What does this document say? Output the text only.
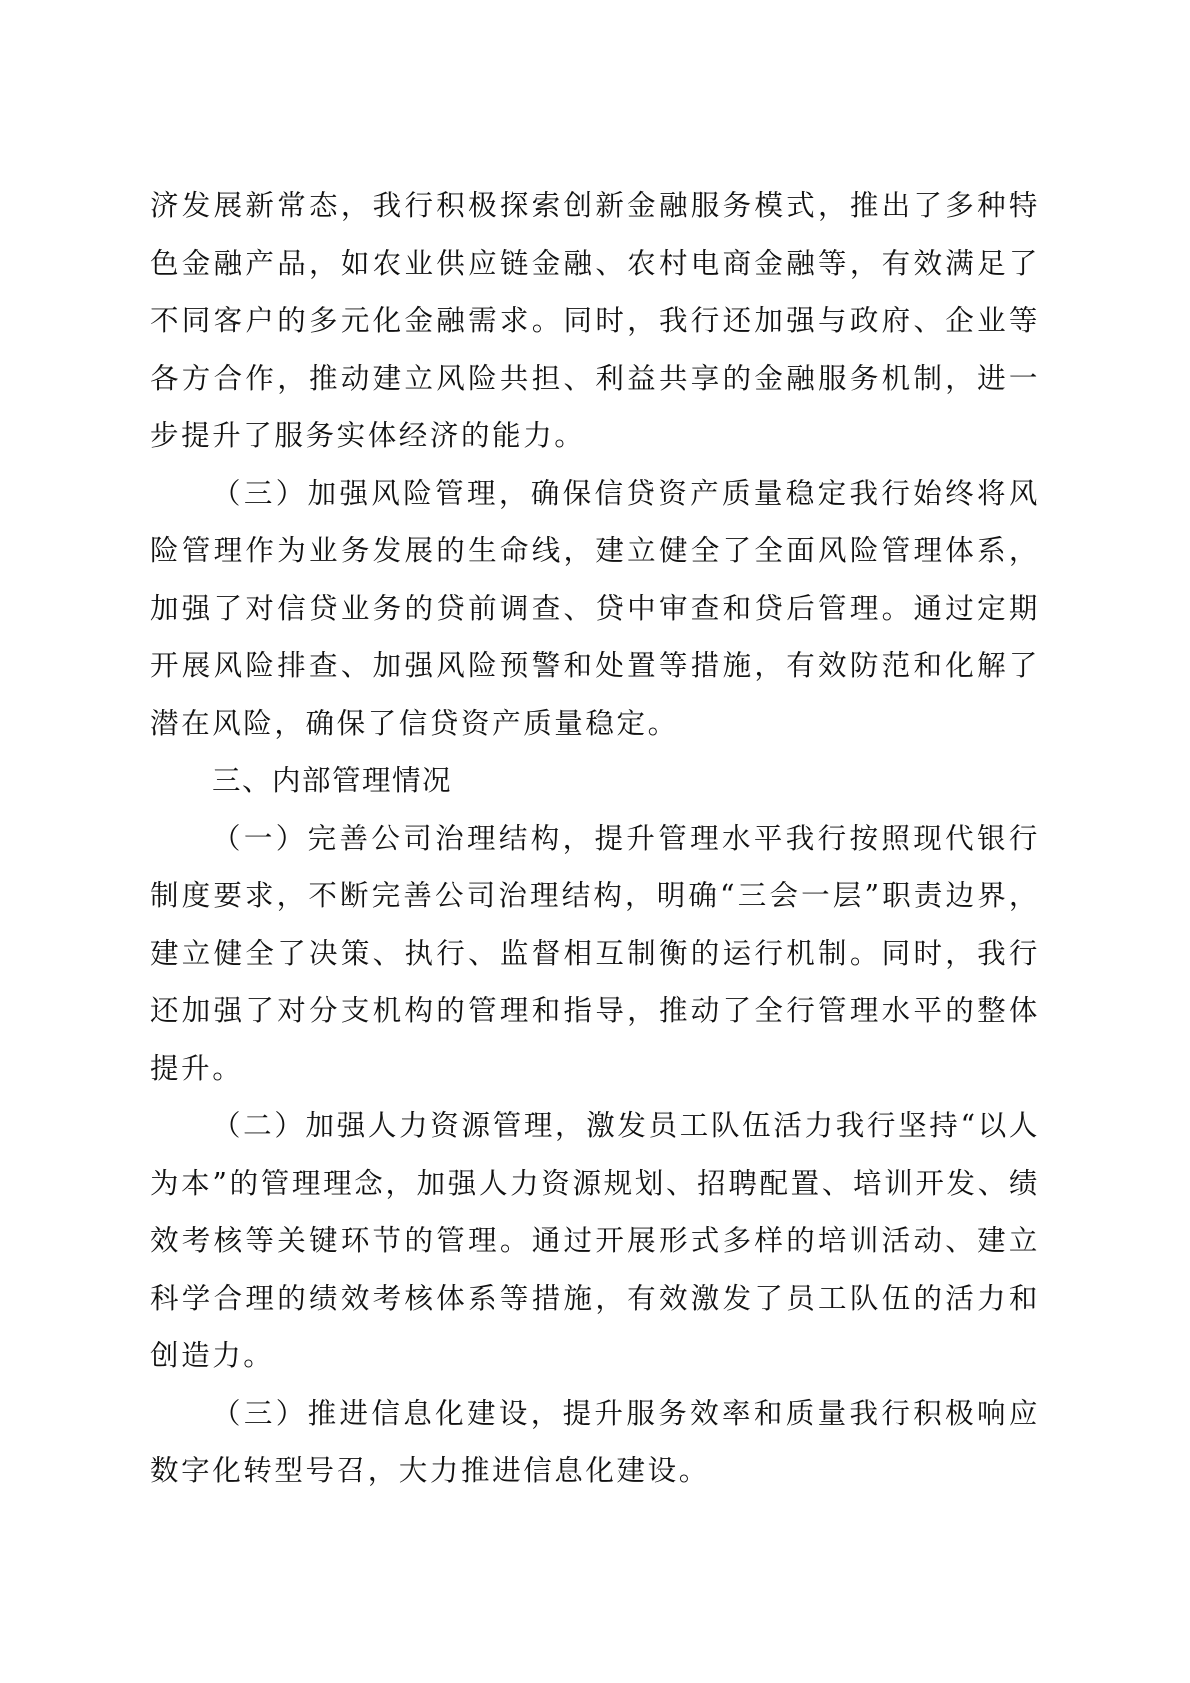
济发展新常态，我行积极探索创新金融服务模式，推出了多种特色金融产品，如农业供应链金融、农村电商金融等，有效满足了不同客户的多元化金融需求。同时，我行还加强与政府、企业等各方合作，推动建立风险共担、利益共享的金融服务机制，进一步提升了服务实体经济的能力。

（三）加强风险管理，确保信贷资产质量稳定我行始终将风险管理作为业务发展的生命线，建立健全了全面风险管理体系，加强了对信贷业务的贷前调查、贷中审查和贷后管理。通过定期开展风险排查、加强风险预警和处置等措施，有效防范和化解了潜在风险，确保了信贷资产质量稳定。

三、内部管理情况

（一）完善公司治理结构，提升管理水平我行按照现代银行制度要求，不断完善公司治理结构，明确“三会一层”职责边界，建立健全了决策、执行、监督相互制衡的运行机制。同时，我行还加强了对分支机构的管理和指导，推动了全行管理水平的整体提升。

（二）加强人力资源管理，激发员工队伍活力我行坚持“以人为本”的管理理念，加强人力资源规划、招聘配置、培训开发、绩效考核等关键环节的管理。通过开展形式多样的培训活动、建立科学合理的绩效考核体系等措施，有效激发了员工队伍的活力和创造力。

（三）推进信息化建设，提升服务效率和质量我行积极响应数字化转型号召，大力推进信息化建设。
